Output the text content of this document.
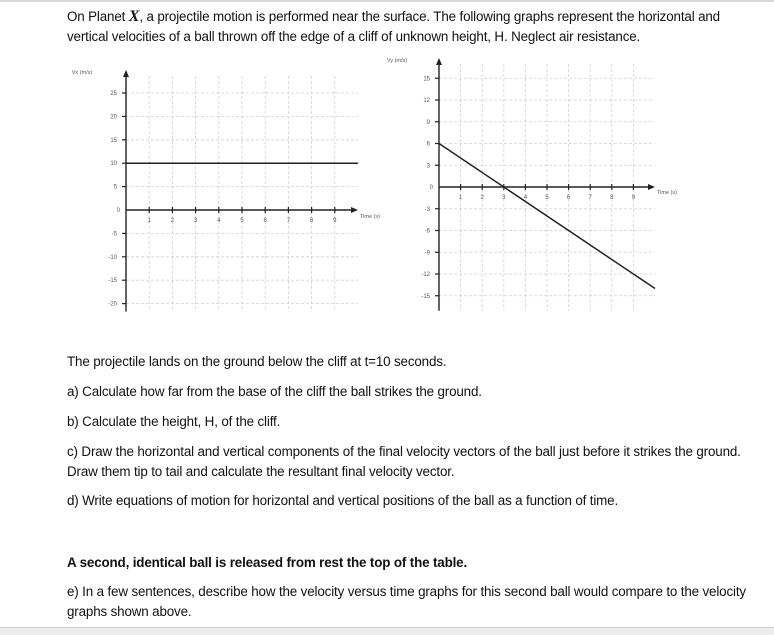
On Planet X, a projectile motion is performed near the surface. The following graphs represent the horizontal and vertical velocities of a ball thrown off the edge of a cliff of unknown height, H. Neglect air resistance.
1	2	3	4	5	6	7	8	9
25
20
15
10
5
0
-5
-10
-15
-20
Vx (m/s)
Time (s)
1	2	3	4	5	6	7	8	9
15
12
9
6
3
0
-3
-6
-9
-12
-15
Vy (m/s)
Time (s)
The projectile lands on the ground below the cliff at t=10 seconds.
a) Calculate how far from the base of the cliff the ball strikes the ground.
b) Calculate the height, H, of the cliff.
c) Draw the horizontal and vertical components of the final velocity vectors of the ball just before it strikes the ground. Draw them tip to tail and calculate the resultant final velocity vector.
d) Write equations of motion for horizontal and vertical positions of the ball as a function of time.
A second, identical ball is released from rest the top of the table.
e) In a few sentences, describe how the velocity versus time graphs for this second ball would compare to the velocity graphs shown above.
